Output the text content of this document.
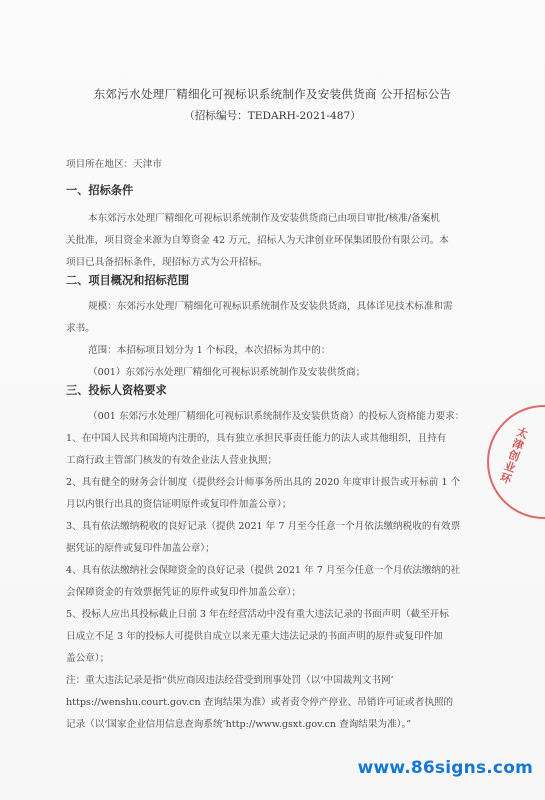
东郊污水处理厂精细化可视标识系统制作及安装供货商 公开招标公告
（招标编号：TEDARH-2021-487）
项目所在地区：天津市
一、招标条件
本东郊污水处理厂精细化可视标识系统制作及安装供货商已由项目审批/核准/备案机
关批准，项目资金来源为自筹资金 42 万元，招标人为天津创业环保集团股份有限公司。本
项目已具备招标条件，现招标方式为公开招标。
二、项目概况和招标范围
规模：东郊污水处理厂精细化可视标识系统制作及安装供货商，具体详见技术标准和需
求书。
范围：本招标项目划分为 1 个标段，本次招标为其中的：
（001）东郊污水处理厂精细化可视标识系统制作及安装供货商；
三、投标人资格要求
（001 东郊污水处理厂精细化可视标识系统制作及安装供货商）的投标人资格能力要求：
1、在中国人民共和国境内注册的，具有独立承担民事责任能力的法人或其他组织，且持有
工商行政主管部门核发的有效企业法人营业执照；
2、具有健全的财务会计制度（提供经会计师事务所出具的 2020 年度审计报告或开标前 1 个
月以内银行出具的资信证明原件或复印件加盖公章）；
3、具有依法缴纳税收的良好记录（提供 2021 年 7 月至今任意一个月依法缴纳税收的有效票
据凭证的原件或复印件加盖公章）；
4、具有依法缴纳社会保障资金的良好记录（提供 2021 年 7 月至今任意一个月依法缴纳的社
会保障资金的有效票据凭证的原件或复印件加盖公章）；
5、投标人应出具投标截止日前 3 年在经营活动中没有重大违法记录的书面声明（截至开标
日成立不足 3 年的投标人可提供自成立以来无重大违法记录的书面声明的原件或复印件加
盖公章）；
注：重大违法记录是指“供应商因违法经营受到刑事处罚（以‘中国裁判文书网’
https://wenshu.court.gov.cn 查询结果为准）或者责令停产停业、吊销许可证或者执照的
记录（以‘国家企业信用信息查询系统’http://www.gsxt.gov.cn 查询结果为准）。”
太津创业环
www.86signs.com
